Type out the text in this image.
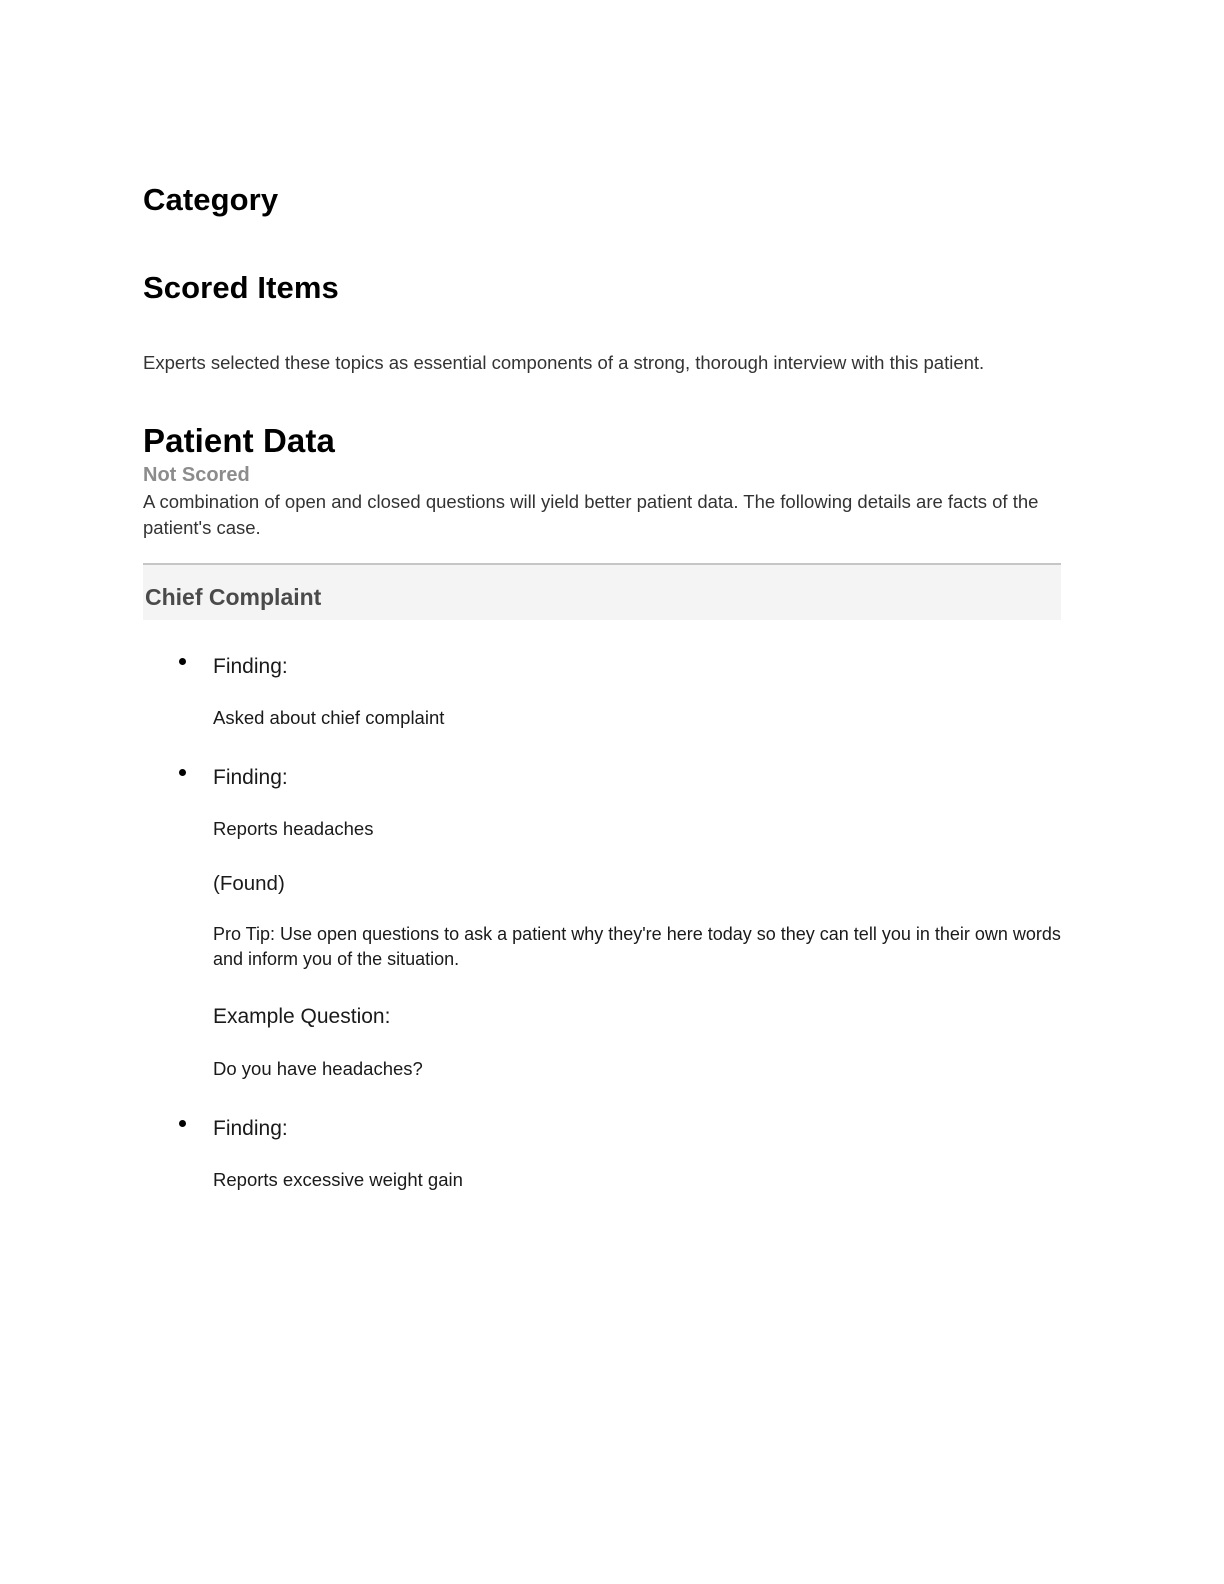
Category
Scored Items

Experts selected these topics as essential components of a strong, thorough interview with this patient.

Patient Data
Not Scored

A combination of open and closed questions will yield better patient data. The following details are facts of the patient's case.

Chief Complaint
Finding:
Asked about chief complaint
Finding:
Reports headaches
(Found)
Pro Tip: Use open questions to ask a patient why they're here today so they can tell you in their own words and inform you of the situation.
Example Question:
Do you have headaches?
Finding:
Reports excessive weight gain
